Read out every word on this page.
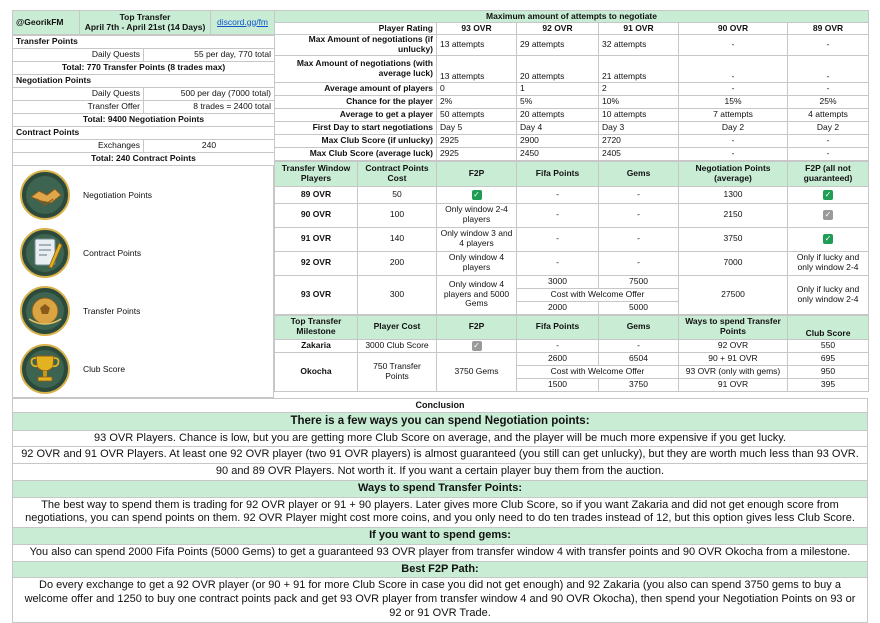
@GeorikFM	Top Transfer
April 7th - April 21st (14 Days)	discord.gg/fm
Transfer Points	
Daily Quests	55 per day, 770 total
Total: 770 Transfer Points (8 trades max)	
Negotiation Points	
Daily Quests	500 per day (7000 total)
Transfer Offer	8 trades = 2400 total
Total: 9400 Negotiation Points	
Contract Points	
Exchanges	240
Total: 240 Contract Points	
Negotiation Points
Contract Points
Transfer Points
Club Score
Maximum amount of attempts to negotiate					
Player Rating	93 OVR	92 OVR	91 OVR	90 OVR	89 OVR
Max Amount of negotiations (if unlucky)	13 attempts	29 attempts	32 attempts	-	-
Max Amount of negotiations (with average luck)	13 attempts	20 attempts	21 attempts	-	-
Average amount of players	0	1	2	-	-
Chance for the player	2%	5%	10%	15%	25%
Average to get a player	50 attempts	20 attempts	10 attempts	7 attempts	4 attempts
First Day to start negotiations	Day 5	Day 4	Day 3	Day 2	Day 2
Max Club Score (if unlucky)	2925	2900	2720	-	-
Max Club Score (average luck)	2925	2450	2405	-	-
Transfer Window Players	Contract Points Cost	F2P	Fifa Points	Gems	Negotiation Points (average)	F2P (all not guaranteed)
89 OVR	50	✓	-	-	1300	✓
90 OVR	100	Only window 2-4 players	-	-	2150	✓
91 OVR	140	Only window 3 and 4 players	-	-	3750	✓
92 OVR	200	Only window 4 players	-	-	7000	Only if lucky and only window 2-4
93 OVR	300	Only window 4 players and 5000 Gems	3000	7500	27500	Only if lucky and only window 2-4
			Cost with Welcome Offer			
			2000	5000		
Top Transfer Milestone	Player Cost	F2P	Fifa Points	Gems	Ways to spend Transfer Points	Club Score
Zakaria	3000 Club Score	✓	-	-	92 OVR	550
Okocha	750 Transfer Points	3750 Gems	2600	6504	90 + 91 OVR	695
			Cost with Welcome Offer		93 OVR (only with gems)	950
			1500	3750	91 OVR	395
Conclusion
There is a few ways you can spend Negotiation points:
93 OVR Players. Chance is low, but you are getting more Club Score on average, and the player will be much more expensive if you get lucky.
92 OVR and 91 OVR Players. At least one 92 OVR player (two 91 OVR players) is almost guaranteed (you still can get unlucky), but they are worth much less than 93 OVR.
90 and 89 OVR Players. Not worth it. If you want a certain player buy them from the auction.
Ways to spend Transfer Points:
The best way to spend them is trading for 92 OVR player or 91 + 90 players. Later gives more Club Score, so if you want Zakaria and did not get enough score from negotiations, you can spend points on them. 92 OVR Player might cost more coins, and you only need to do ten trades instead of 12, but this option gives less Club Score.
If you want to spend gems:
You also can spend 2000 Fifa Points (5000 Gems) to get a guaranteed 93 OVR player from transfer window 4 with transfer points and 90 OVR Okocha from a milestone.
Best F2P Path:
Do every exchange to get a 92 OVR player (or 90 + 91 for more Club Score in case you did not get enough) and 92 Zakaria (you also can spend 3750 gems to buy a welcome offer and 1250 to buy one contract points pack and get 93 OVR player from transfer window 4 and 90 OVR Okocha), then spend your Negotiation Points on 93 or 92 or 91 OVR Trade.
